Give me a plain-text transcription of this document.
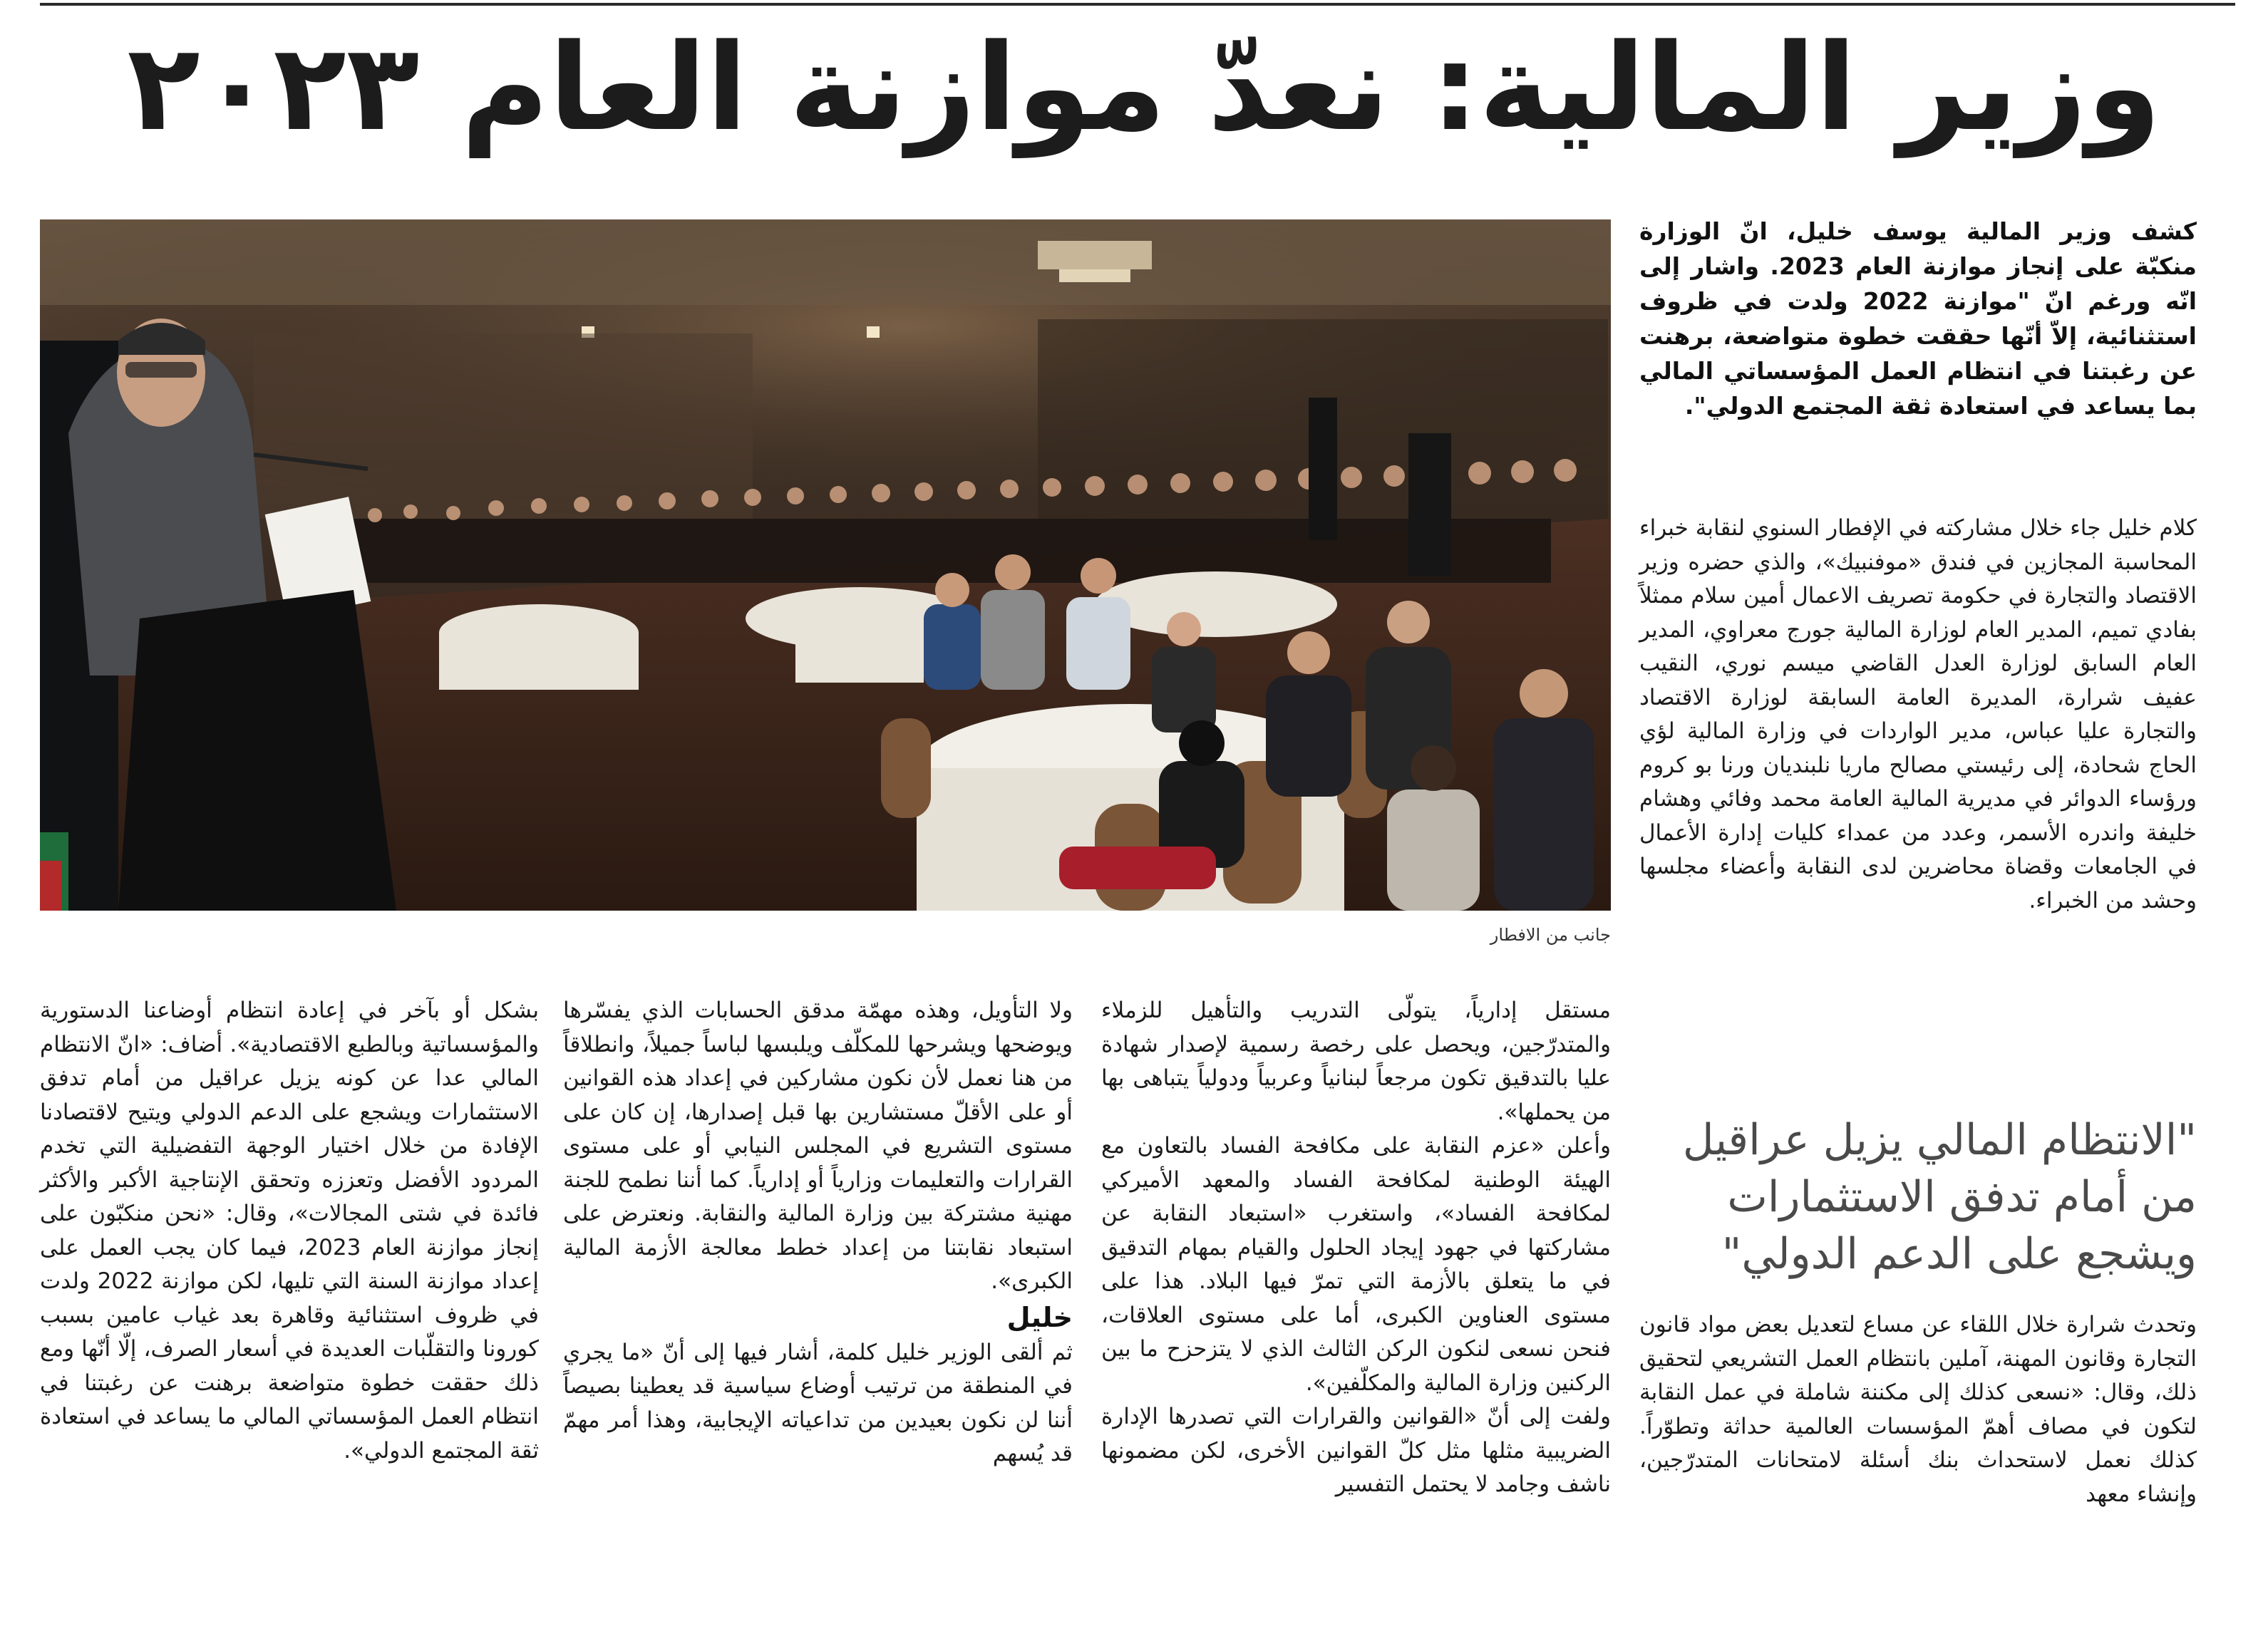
وزير المالية: نعدّ موازنة العام ٢٠٢٣
جانب من الافطار
كشف وزير المالية يوسف خليل، انّ الوزارة منكبّة على إنجاز موازنة العام 2023. واشار إلى انّه ورغم انّ "موازنة 2022 ولدت في ظروف استثنائية، إلاّ أنّها حققت خطوة متواضعة، برهنت عن رغبتنا في انتظام العمل المؤسساتي المالي بما يساعد في استعادة ثقة المجتمع الدولي".

كلام خليل جاء خلال مشاركته في الإفطار السنوي لنقابة خبراء المحاسبة المجازين في فندق «موفنبيك»، والذي حضره وزير الاقتصاد والتجارة في حكومة تصريف الاعمال أمين سلام ممثلاً بفادي تميم، المدير العام لوزارة المالية جورج معراوي، المدير العام السابق لوزارة العدل القاضي ميسم نوري، النقيب عفيف شرارة، المديرة العامة السابقة لوزارة الاقتصاد والتجارة عليا عباس، مدير الواردات في وزارة المالية لؤي الحاج شحادة، إلى رئيستي مصالح ماريا نلبنديان ورنا بو كروم ورؤساء الدوائر في مديرية المالية العامة محمد وفائي وهشام خليفة واندره الأسمر، وعدد من عمداء كليات إدارة الأعمال في الجامعات وقضاة محاضرين لدى النقابة وأعضاء مجلسها وحشد من الخبراء.

"الانتظام المالي يزيل عراقيل من أمام تدفق الاستثمارات ويشجع على الدعم الدولي"

وتحدث شرارة خلال اللقاء عن مساع لتعديل بعض مواد قانون التجارة وقانون المهنة، آملين بانتظام العمل التشريعي لتحقيق ذلك، وقال: «نسعى كذلك إلى مكننة شاملة في عمل النقابة لتكون في مصاف أهمّ المؤسسات العالمية حداثة وتطوّراً. كذلك نعمل لاستحداث بنك أسئلة لامتحانات المتدرّجين، وإنشاء معهد

مستقل إدارياً، يتولّى التدريب والتأهيل للزملاء والمتدرّجين، ويحصل على رخصة رسمية لإصدار شهادة عليا بالتدقيق تكون مرجعاً لبنانياً وعربياً ودولياً يتباهى بها من يحملها».

وأعلن «عزم النقابة على مكافحة الفساد بالتعاون مع الهيئة الوطنية لمكافحة الفساد والمعهد الأميركي لمكافحة الفساد»، واستغرب «استبعاد النقابة عن مشاركتها في جهود إيجاد الحلول والقيام بمهام التدقيق في ما يتعلق بالأزمة التي تمرّ فيها البلاد. هذا على مستوى العناوين الكبرى، أما على مستوى العلاقات، فنحن نسعى لنكون الركن الثالث الذي لا يتزحزح ما بين الركنين وزارة المالية والمكلّفين».

ولفت إلى أنّ «القوانين والقرارات التي تصدرها الإدارة الضريبية مثلها مثل كلّ القوانين الأخرى، لكن مضمونها ناشف وجامد لا يحتمل التفسير

ولا التأويل، وهذه مهمّة مدقق الحسابات الذي يفسّرها ويوضحها ويشرحها للمكلّف ويلبسها لباساً جميلاً، وانطلاقاً من هنا نعمل لأن نكون مشاركين في إعداد هذه القوانين أو على الأقلّ مستشارين بها قبل إصدارها، إن كان على مستوى التشريع في المجلس النيابي أو على مستوى القرارات والتعليمات وزارياً أو إدارياً. كما أننا نطمح للجنة مهنية مشتركة بين وزارة المالية والنقابة. ونعترض على استبعاد نقابتنا من إعداد خطط معالجة الأزمة المالية الكبرى».

خليل

ثم ألقى الوزير خليل كلمة، أشار فيها إلى أنّ «ما يجري في المنطقة من ترتيب أوضاع سياسية قد يعطينا بصيصاً أننا لن نكون بعيدين من تداعياته الإيجابية، وهذا أمر مهمّ قد يُسهم

بشكل أو بآخر في إعادة انتظام أوضاعنا الدستورية والمؤسساتية وبالطبع الاقتصادية». أضاف: «انّ الانتظام المالي عدا عن كونه يزيل عراقيل من أمام تدفق الاستثمارات ويشجع على الدعم الدولي ويتيح لاقتصادنا الإفادة من خلال اختيار الوجهة التفضيلية التي تخدم المردود الأفضل وتعززه وتحقق الإنتاجية الأكبر والأكثر فائدة في شتى المجالات»، وقال: «نحن منكبّون على إنجاز موازنة العام 2023، فيما كان يجب العمل على إعداد موازنة السنة التي تليها، لكن موازنة 2022 ولدت في ظروف استثنائية وقاهرة بعد غياب عامين بسبب كورونا والتقلّبات العديدة في أسعار الصرف، إلّا أنّها ومع ذلك حققت خطوة متواضعة برهنت عن رغبتنا في انتظام العمل المؤسساتي المالي ما يساعد في استعادة ثقة المجتمع الدولي».
